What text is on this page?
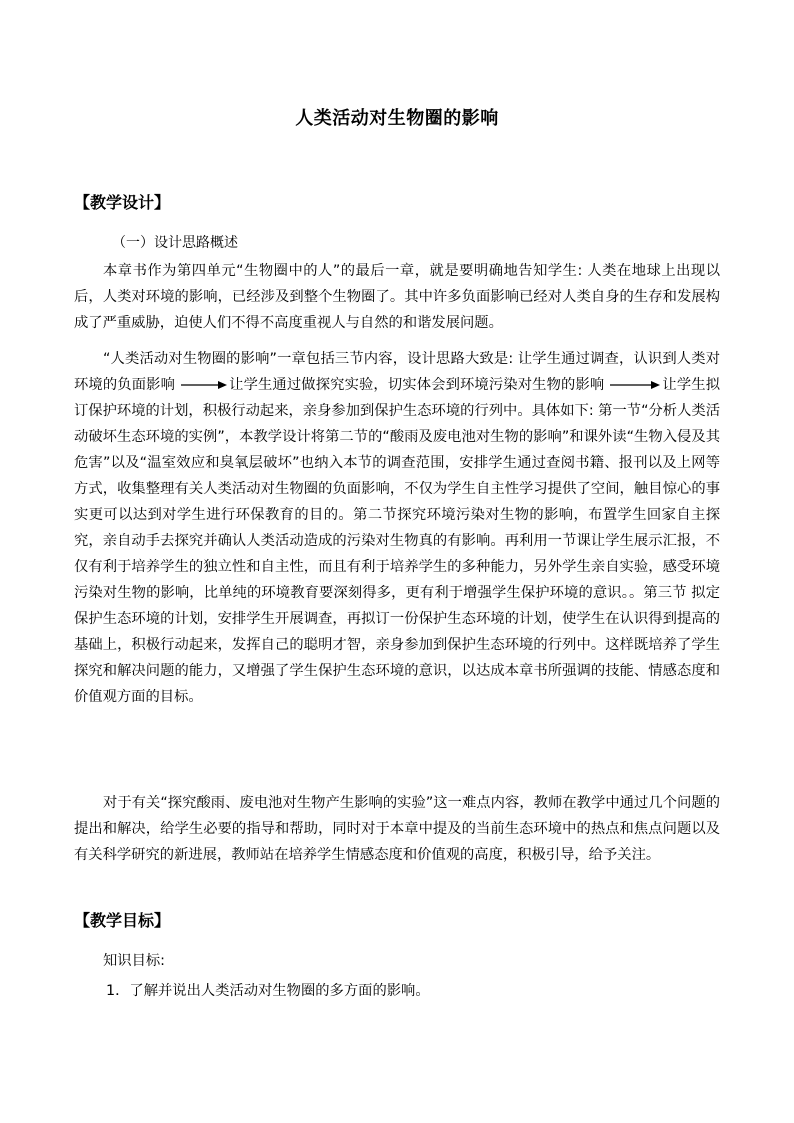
人类活动对生物圈的影响
【教学设计】
（一）设计思路概述

本章书作为第四单元“生物圈中的人”的最后一章，就是要明确地告知学生: 人类在地球上出现以后，人类对环境的影响，已经涉及到整个生物圈了。其中许多负面影响已经对人类自身的生存和发展构成了严重威胁，迫使人们不得不高度重视人与自然的和谐发展问题。

“人类活动对生物圈的影响”一章包括三节内容，设计思路大致是: 让学生通过调查，认识到人类对环境的负面影响	让学生通过做探究实验，切实体会到环境污染对生物的影响	让学生拟订保护环境的计划，积极行动起来，亲身参加到保护生态环境的行列中。具体如下: 第一节“分析人类活动破坏生态环境的实例”，本教学设计将第二节的“酸雨及废电池对生物的影响”和课外读“生物入侵及其危害”以及“温室效应和臭氧层破坏”也纳入本节的调查范围，安排学生通过查阅书籍、报刊以及上网等方式，收集整理有关人类活动对生物圈的负面影响，不仅为学生自主性学习提供了空间，触目惊心的事实更可以达到对学生进行环保教育的目的。第二节探究环境污染对生物的影响，布置学生回家自主探究，亲自动手去探究并确认人类活动造成的污染对生物真的有影响。再利用一节课让学生展示汇报，不仅有利于培养学生的独立性和自主性，而且有利于培养学生的多种能力，另外学生亲自实验，感受环境污染对生物的影响，比单纯的环境教育要深刻得多，更有利于增强学生保护环境的意识。。第三节 拟定保护生态环境的计划，安排学生开展调查，再拟订一份保护生态环境的计划，使学生在认识得到提高的基础上，积极行动起来，发挥自己的聪明才智，亲身参加到保护生态环境的行列中。这样既培养了学生探究和解决问题的能力，又增强了学生保护生态环境的意识，以达成本章书所强调的技能、情感态度和价值观方面的目标。

对于有关“探究酸雨、废电池对生物产生影响的实验”这一难点内容，教师在教学中通过几个问题的提出和解决，给学生必要的指导和帮助，同时对于本章中提及的当前生态环境中的热点和焦点问题以及有关科学研究的新进展，教师站在培养学生情感态度和价值观的高度，积极引导，给予关注。

【教学目标】
知识目标:
1．了解并说出人类活动对生物圈的多方面的影响。
